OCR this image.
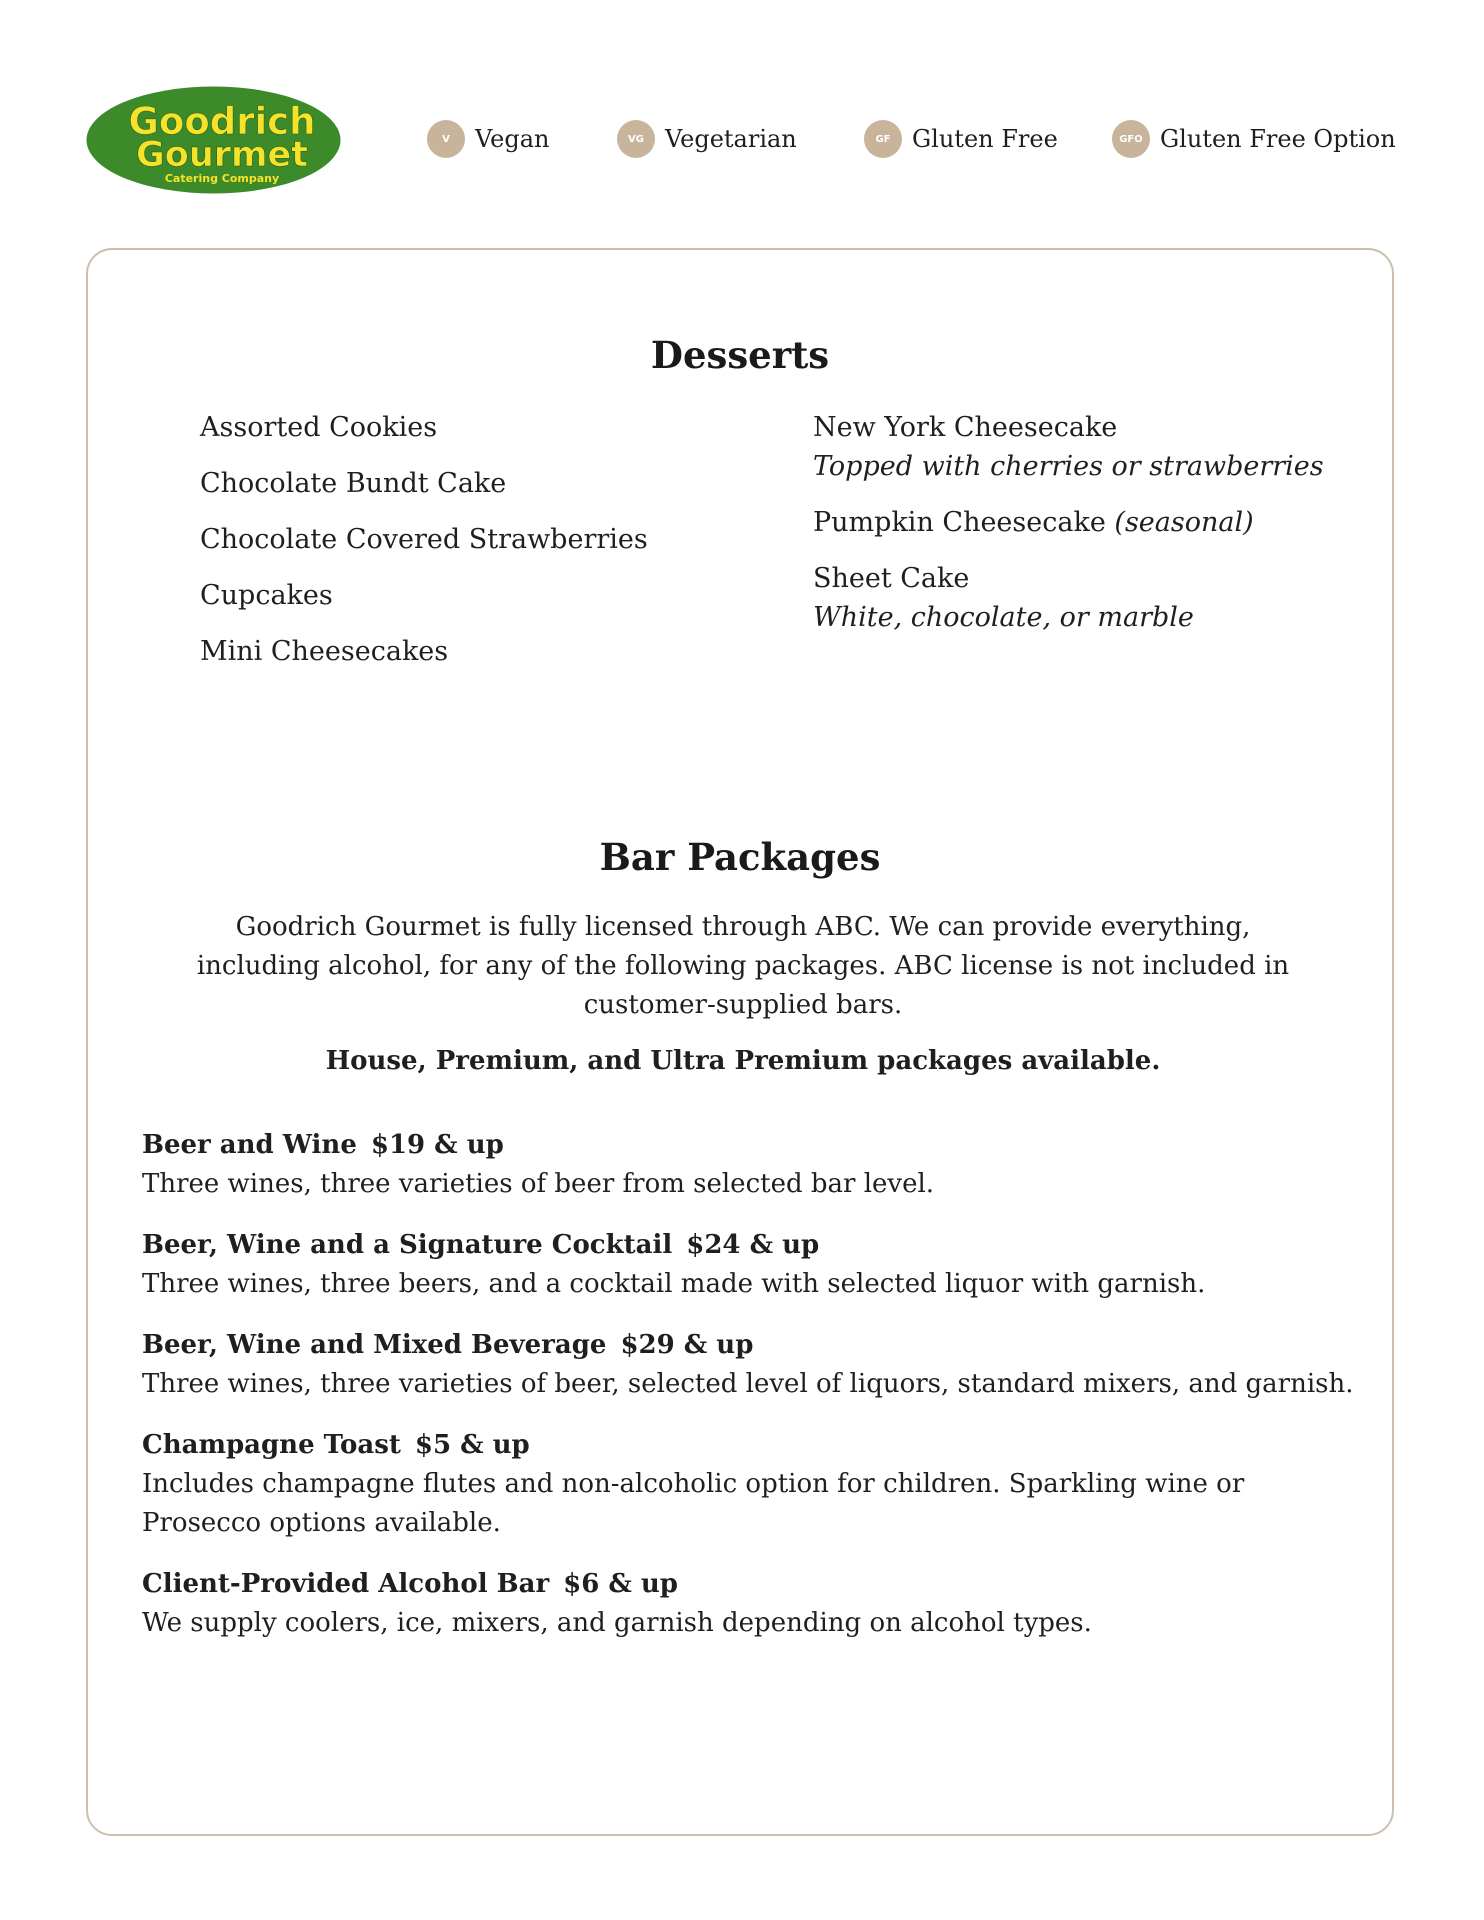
Goodrich
Gourmet
Catering Company
V	Vegan	VG Vegetarian	GF Gluten Free	GFO Gluten Free Option
Desserts
Assorted Cookies
Chocolate Bundt Cake
Chocolate Covered Strawberries
Cupcakes
Mini Cheesecakes
New York Cheesecake
Topped with cherries or strawberries
Pumpkin Cheesecake (seasonal)
Sheet Cake
White, chocolate, or marble
Bar Packages

Goodrich Gourmet is fully licensed through ABC. We can provide everything, including alcohol, for any of the following packages. ABC license is not included in customer-supplied bars.

House, Premium, and Ultra Premium packages available.

Beer and Wine $19 & up
Three wines, three varieties of beer from selected bar level.
Beer, Wine and a Signature Cocktail $24 & up
Three wines, three beers, and a cocktail made with selected liquor with garnish.
Beer, Wine and Mixed Beverage $29 & up
Three wines, three varieties of beer, selected level of liquors, standard mixers, and garnish.
Champagne Toast $5 & up
Includes champagne flutes and non-alcoholic option for children. Sparkling wine or Prosecco options available.
Client-Provided Alcohol Bar $6 & up
We supply coolers, ice, mixers, and garnish depending on alcohol types.
